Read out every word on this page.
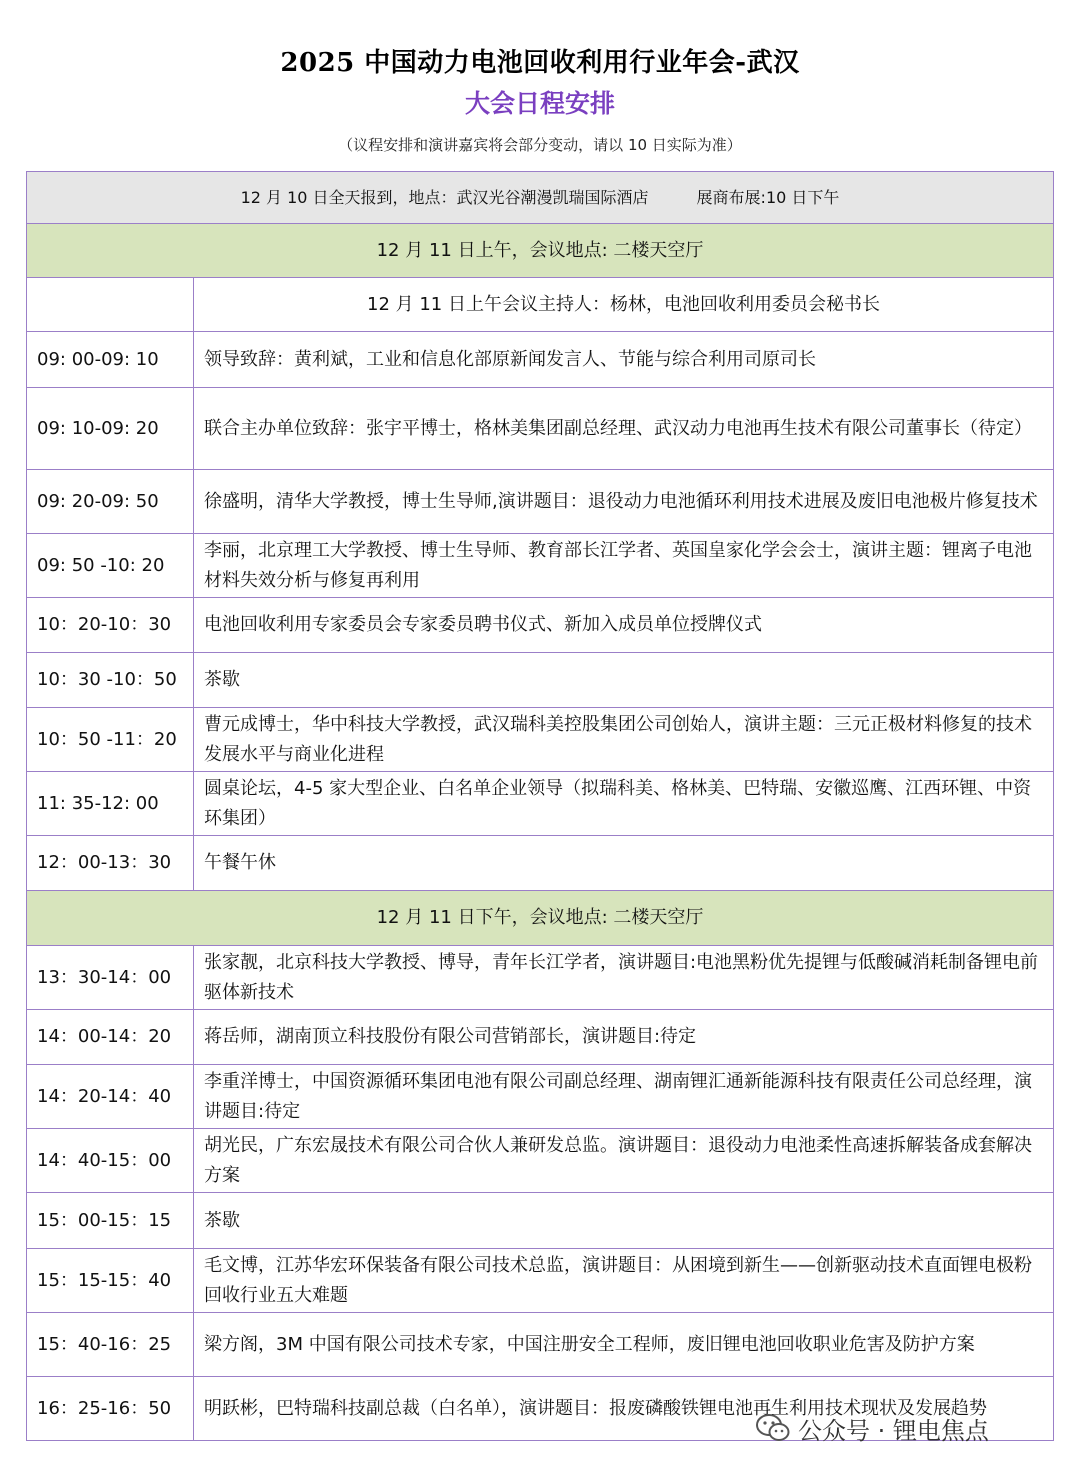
2025 中国动力电池回收利用行业年会-武汉
大会日程安排
（议程安排和演讲嘉宾将会部分变动，请以 10 日实际为准）
12 月 10 日全天报到，地点：武汉光谷潮漫凯瑞国际酒店　　　展商布展:10 日下午	
12 月 11 日上午，会议地点: 二楼天空厅	
	12 月 11 日上午会议主持人：杨林，电池回收利用委员会秘书长
09: 00-09: 10	领导致辞：黄利斌，工业和信息化部原新闻发言人、节能与综合利用司原司长
09: 10-09: 20	联合主办单位致辞：张宇平博士，格林美集团副总经理、武汉动力电池再生技术有限公司董事长（待定）
09: 20-09: 50	徐盛明，清华大学教授，博士生导师,演讲题目：退役动力电池循环利用技术进展及废旧电池极片修复技术
09: 50 -10: 20	李丽，北京理工大学教授、博士生导师、教育部长江学者、英国皇家化学会会士，演讲主题：锂离子电池材料失效分析与修复再利用
10：20-10：30	电池回收利用专家委员会专家委员聘书仪式、新加入成员单位授牌仪式
10：30 -10：50	茶歇
10：50 -11：20	曹元成博士，华中科技大学教授，武汉瑞科美控股集团公司创始人，演讲主题：三元正极材料修复的技术发展水平与商业化进程
11: 35-12: 00	圆桌论坛，4-5 家大型企业、白名单企业领导（拟瑞科美、格林美、巴特瑞、安徽巡鹰、江西环锂、中资环集团）
12：00-13：30	午餐午休
12 月 11 日下午，会议地点: 二楼天空厅	
13：30-14：00	张家靓，北京科技大学教授、博导，青年长江学者，演讲题目:电池黑粉优先提锂与低酸碱消耗制备锂电前驱体新技术
14：00-14：20	蒋岳师，湖南顶立科技股份有限公司营销部长，演讲题目:待定
14：20-14：40	李重洋博士，中国资源循环集团电池有限公司副总经理、湖南锂汇通新能源科技有限责任公司总经理，演讲题目:待定
14：40-15：00	胡光民，广东宏晟技术有限公司合伙人兼研发总监。演讲题目：退役动力电池柔性高速拆解装备成套解决方案
15：00-15：15	茶歇
15：15-15：40	毛文博，江苏华宏环保装备有限公司技术总监，演讲题目：从困境到新生——创新驱动技术直面锂电极粉回收行业五大难题
15：40-16：25	梁方阁，3M 中国有限公司技术专家，中国注册安全工程师，废旧锂电池回收职业危害及防护方案
16：25-16：50	明跃彬，巴特瑞科技副总裁（白名单），演讲题目：报废磷酸铁锂电池再生利用技术现状及发展趋势
公众号 · 锂电焦点
